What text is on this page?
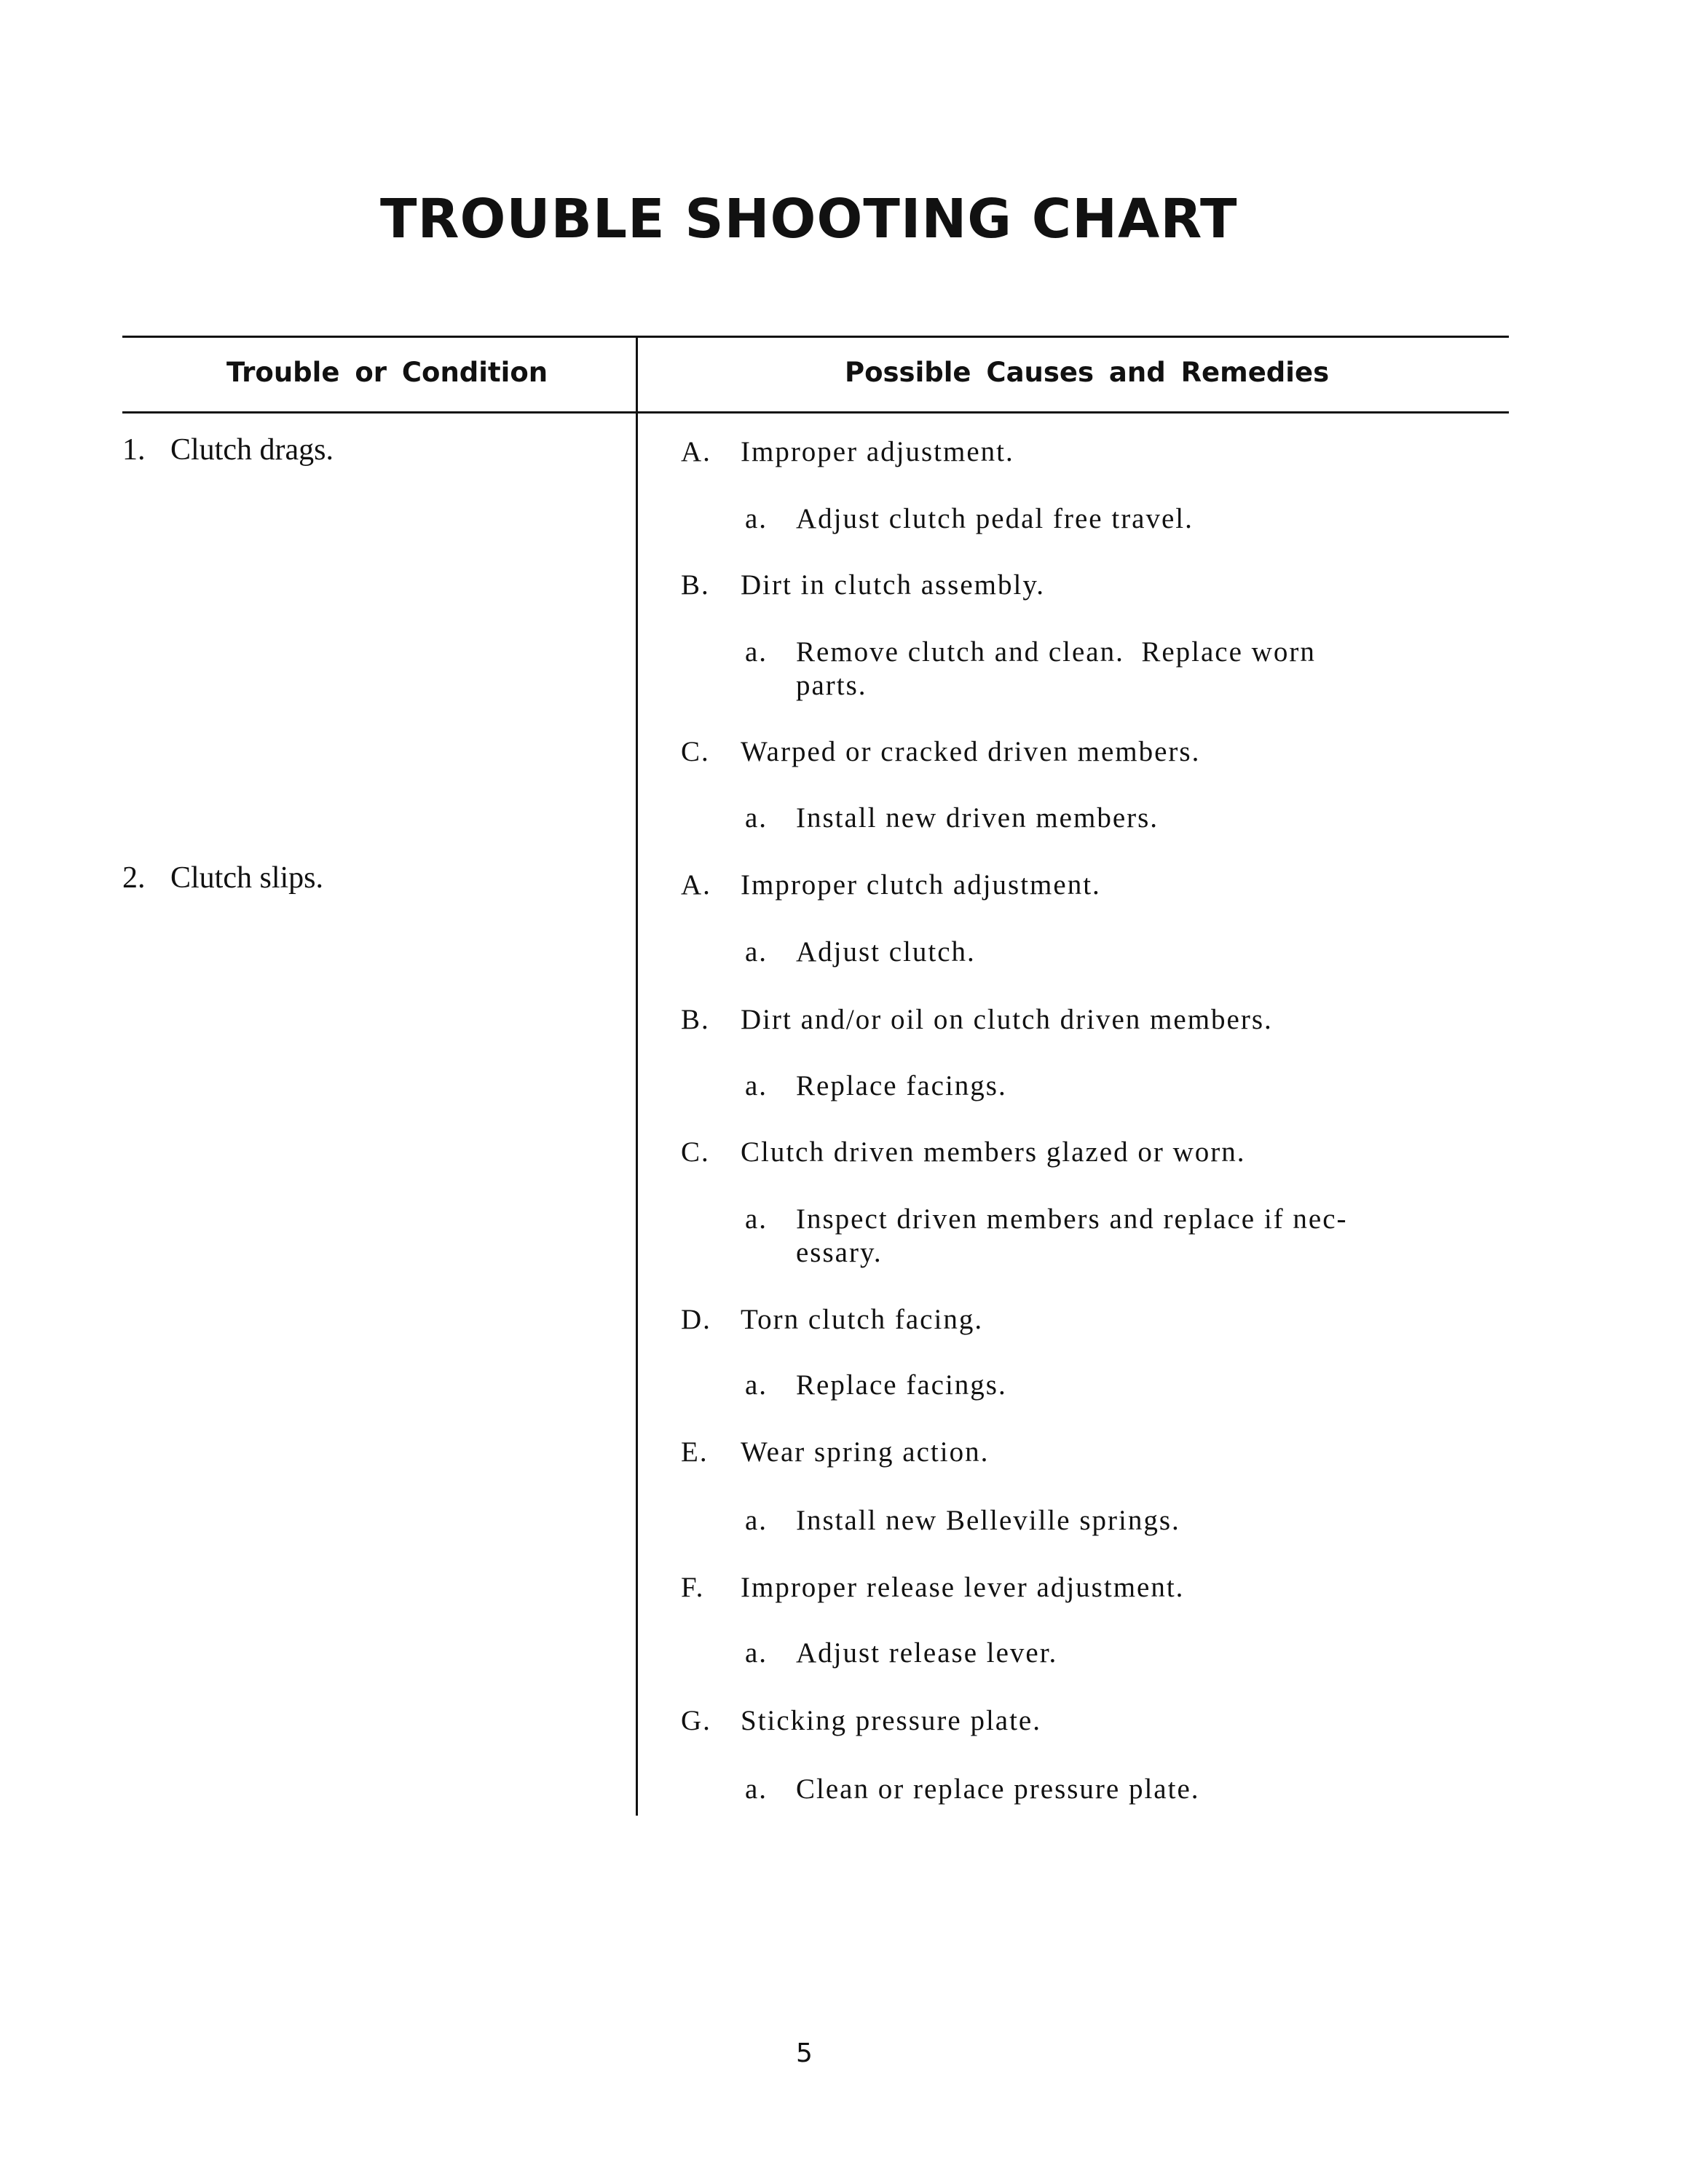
TROUBLE SHOOTING CHART
Trouble or Condition	Possible Causes and Remedies
1. Clutch drags.	A. Improper adjustment.
a. Adjust clutch pedal free travel.
B. Dirt in clutch assembly.
a. Remove clutch and clean.  Replace worn
parts.
C. Warped or cracked driven members.
a. Install new driven members.
2. Clutch slips.	A. Improper clutch adjustment.
a. Adjust clutch.
B. Dirt and/or oil on clutch driven members.
a. Replace facings.
C. Clutch driven members glazed or worn.
a. Inspect driven members and replace if nec-
essary.
D. Torn clutch facing.
a. Replace facings.
E. Wear spring action.
a. Install new Belleville springs.
F. Improper release lever adjustment.
a. Adjust release lever.
G. Sticking pressure plate.
a. Clean or replace pressure plate.
5
